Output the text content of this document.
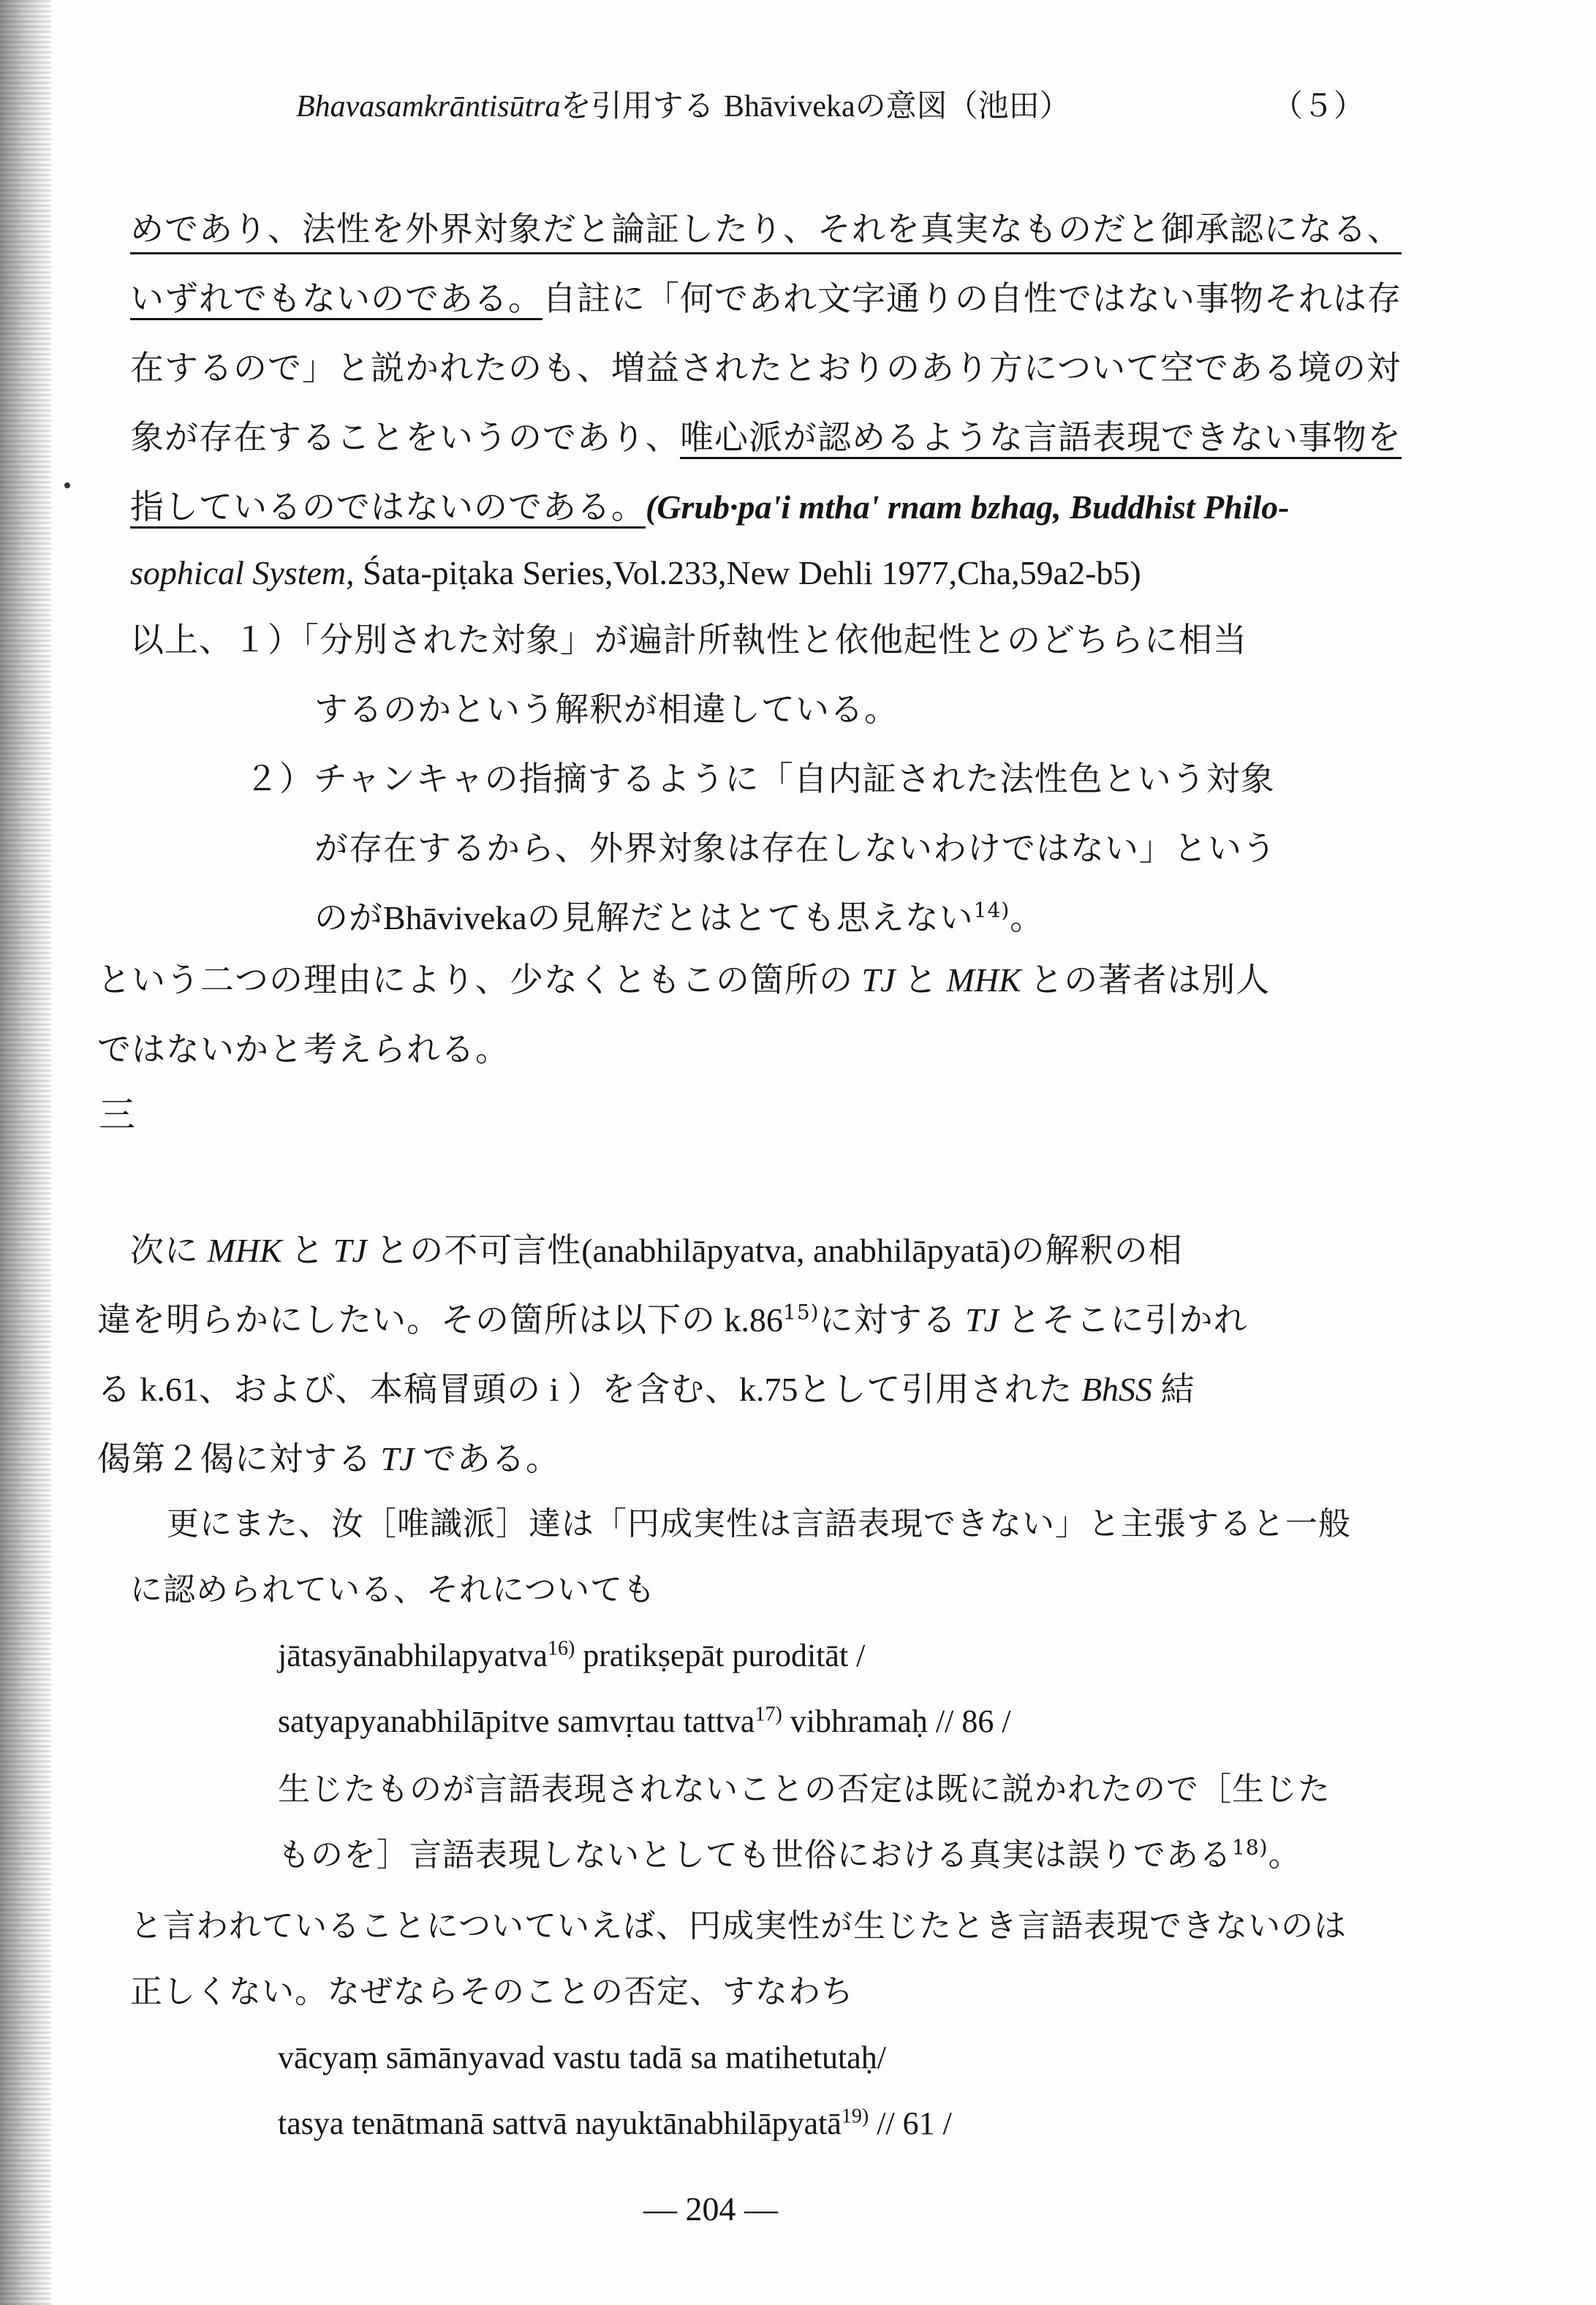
Bhavasamkrāntisūtraを引用する Bhāvivekaの意図（池田）	（５）
めであり、法性を外界対象だと論証したり、それを真実なものだと御承認になる、
いずれでもないのである。自註に「何であれ文字通りの自性ではない事物それは存
在するので」と説かれたのも、増益されたとおりのあり方について空である境の対
象が存在することをいうのであり、唯心派が認めるような言語表現できない事物を
指しているのではないのである。(Grub·pa'i mtha' rnam bzhag, Buddhist Philo-
sophical System, Śata-piṭaka Series,Vol.233,New Dehli 1977,Cha,59a2-b5)
以上、１）「分別された対象」が遍計所執性と依他起性とのどちらに相当
するのかという解釈が相違している。
２）チャンキャの指摘するように「自内証された法性色という対象
が存在するから、外界対象は存在しないわけではない」という
のがBhāvivekaの見解だとはとても思えない$^{14)}$。
という二つの理由により、少なくともこの箇所の TJ と MHK との著者は別人
ではないかと考えられる。
三
次に MHK と TJ との不可言性(anabhilāpyatva, anabhilāpyatā)の解釈の相
違を明らかにしたい。その箇所は以下の k.86$^{15)}$に対する TJ とそこに引かれ
る k.61、および、本稿冒頭の i ）を含む、k.75として引用された BhSS 結
偈第２偈に対する TJ である。
更にまた、汝［唯識派］達は「円成実性は言語表現できない」と主張すると一般
に認められている、それについても
jātasyānabhilapyatva$^{16)}$ pratikṣepāt puroditāt /
satyapyanabhilāpitve samvṛtau tattva$^{17)}$ vibhramaḥ // 86 /
生じたものが言語表現されないことの否定は既に説かれたので［生じた
ものを］言語表現しないとしても世俗における真実は誤りである$^{18)}$。
と言われていることについていえば、円成実性が生じたとき言語表現できないのは
正しくない。なぜならそのことの否定、すなわち
vācyaṃ sāmānyavad vastu tadā sa matihetutaḥ/
tasya tenātmanā sattvā nayuktānabhilāpyatā$^{19)}$ // 61 /
— 204 —
